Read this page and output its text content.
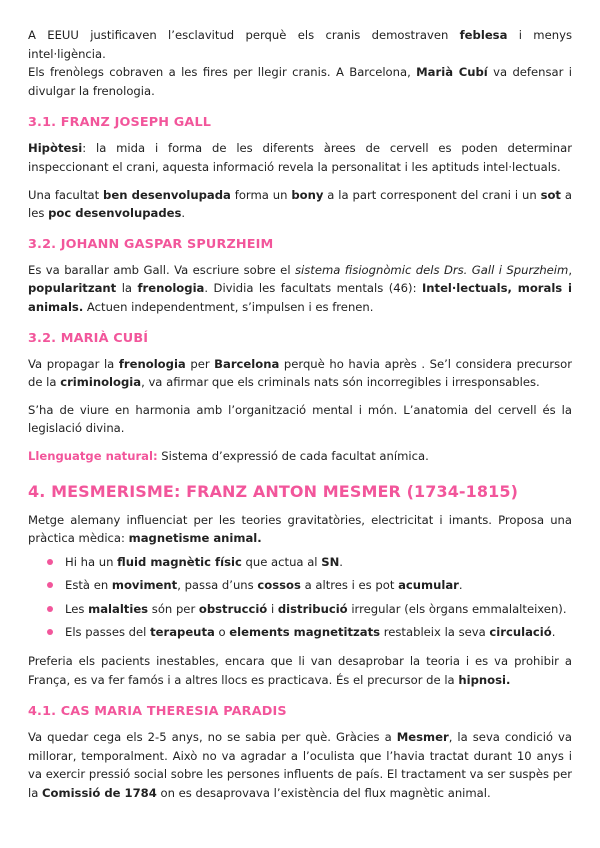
A EEUU justificaven l’esclavitud perquè els cranis demostraven feblesa i menys intel·ligència.

Els frenòlegs cobraven a les fires per llegir cranis. A Barcelona, Marià Cubí va defensar i divulgar la frenologia.

3.1. FRANZ JOSEPH GALL

Hipòtesi: la mida i forma de les diferents àrees de cervell es poden determinar inspeccionant el crani, aquesta informació revela la personalitat i les aptituds intel·lectuals.

Una facultat ben desenvolupada forma un bony a la part corresponent del crani i un sot a les poc desenvolupades.

3.2. JOHANN GASPAR SPURZHEIM

Es va barallar amb Gall. Va escriure sobre el sistema fisiognòmic dels Drs. Gall i Spurzheim, popularitzant la frenologia. Dividia les facultats mentals (46): Intel·lectuals, morals i animals. Actuen independentment, s’impulsen i es frenen.

3.2. MARIÀ CUBÍ

Va propagar la frenologia per Barcelona perquè ho havia après . Se’l considera precursor de la criminologia, va afirmar que els criminals nats són incorregibles i irresponsables.

S’ha de viure en harmonia amb l’organització mental i món. L’anatomia del cervell és la legislació divina.

Llenguatge natural: Sistema d’expressió de cada facultat anímica.

4. MESMERISME: FRANZ ANTON MESMER (1734-1815)

Metge alemany influenciat per les teories gravitatòries, electricitat i imants. Proposa una pràctica mèdica: magnetisme animal.

Hi ha un fluid magnètic físic que actua al SN.
Està en moviment, passa d’uns cossos a altres i es pot acumular.
Les malalties són per obstrucció i distribució irregular (els òrgans emmalalteixen).
Els passes del terapeuta o elements magnetitzats restableix la seva circulació.

Preferia els pacients inestables, encara que li van desaprobar la teoria i es va prohibir a França, es va fer famós i a altres llocs es practicava. És el precursor de la hipnosi.

4.1. CAS MARIA THERESIA PARADIS

Va quedar cega els 2-5 anys, no se sabia per què. Gràcies a Mesmer, la seva condició va millorar, temporalment. Això no va agradar a l’oculista que l’havia tractat durant 10 anys i va exercir pressió social sobre les persones influents de país. El tractament va ser suspès per la Comissió de 1784 on es desaprovava l’existència del flux magnètic animal.
